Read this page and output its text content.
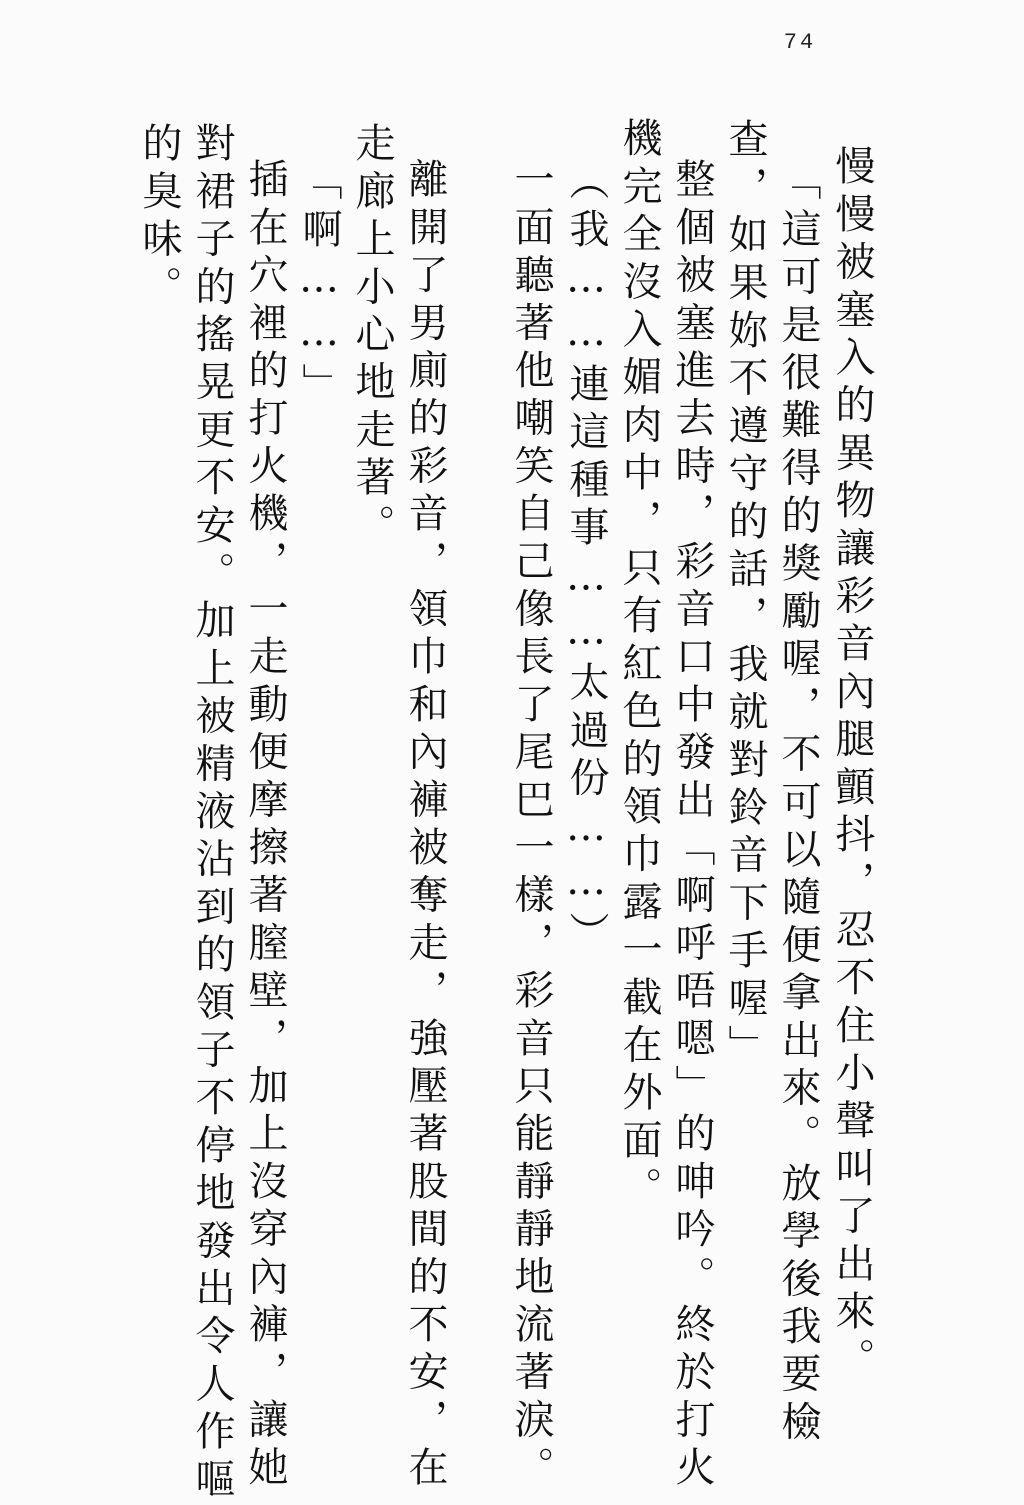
74
慢慢被塞入的異物讓彩音內腿顫抖，忍不住小聲叫了出來。
「這可是很難得的獎勵喔，不可以隨便拿出來。放學後我要檢
查，如果妳不遵守的話，我就對鈴音下手喔」
整個被塞進去時，彩音口中發出「啊呼唔嗯」的呻吟。終於打火
機完全沒入媚肉中，只有紅色的領巾露一截在外面。
（我……連這種事……太過份……）
一面聽著他嘲笑自己像長了尾巴一樣，彩音只能靜靜地流著淚。
離開了男廁的彩音，領巾和內褲被奪走，強壓著股間的不安，在
走廊上小心地走著。
「啊……」
插在穴裡的打火機，一走動便摩擦著膣壁，加上沒穿內褲，讓她
對裙子的搖晃更不安。加上被精液沾到的領子不停地發出令人作嘔
的臭味。
